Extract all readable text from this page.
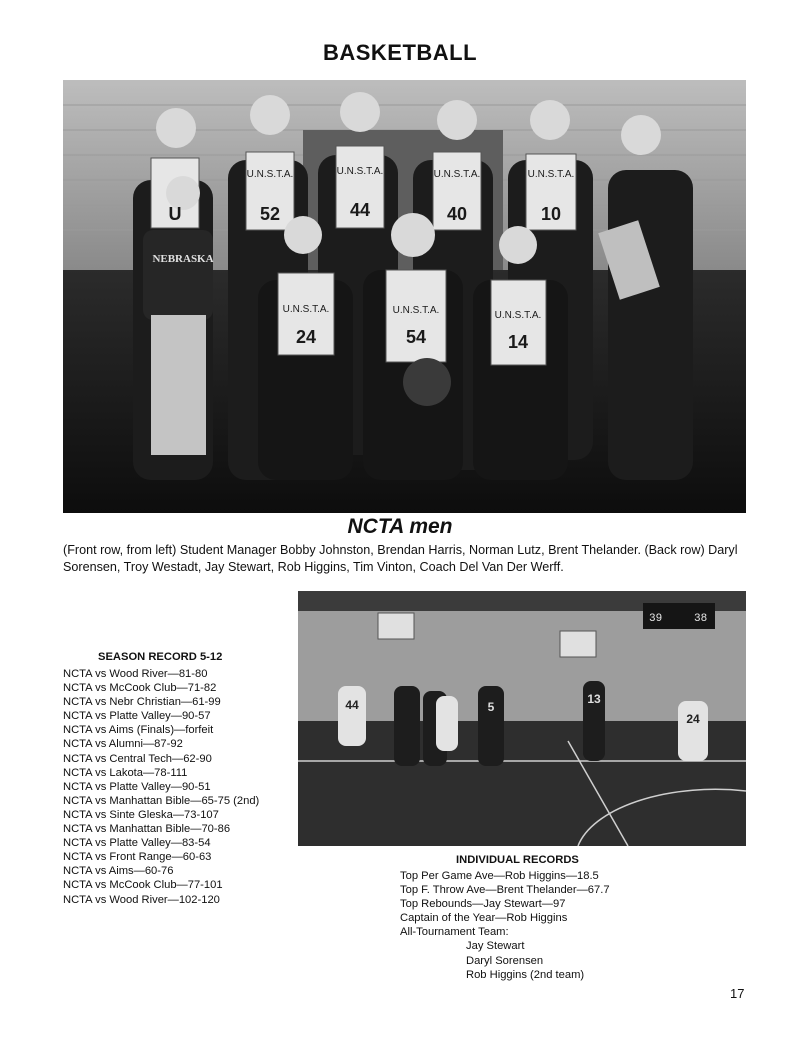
BASKETBALL
U	52	44	40	10
24	54	14
U.N.S.T.A.	U.N.S.T.A.	U.N.S.T.A.	U.N.S.T.A.
U.N.S.T.A.	U.N.S.T.A.	U.N.S.T.A.
NEBRASKA
NCTA men
(Front row, from left) Student Manager Bobby Johnston, Brendan Harris, Norman Lutz, Brent Thelander. (Back row) Daryl Sorensen, Troy Westadt, Jay Stewart, Rob Higgins, Tim Vinton, Coach Del Van Der Werff.
39	38
44	5
13
24
SEASON RECORD 5-12
NCTA vs Wood River—81-80
NCTA vs McCook Club—71-82
NCTA vs Nebr Christian—61-99
NCTA vs Platte Valley—90-57
NCTA vs Aims (Finals)—forfeit
NCTA vs Alumni—87-92
NCTA vs Central Tech—62-90
NCTA vs Lakota—78-111
NCTA vs Platte Valley—90-51
NCTA vs Manhattan Bible—65-75 (2nd)
NCTA vs Sinte Gleska—73-107
NCTA vs Manhattan Bible—70-86
NCTA vs Platte Valley—83-54
NCTA vs Front Range—60-63
NCTA vs Aims—60-76
NCTA vs McCook Club—77-101
NCTA vs Wood River—102-120
INDIVIDUAL RECORDS
Top Per Game Ave—Rob Higgins—18.5
Top F. Throw Ave—Brent Thelander—67.7
Top Rebounds—Jay Stewart—97
Captain of the Year—Rob Higgins
All-Tournament Team:
Jay Stewart
Daryl Sorensen
Rob Higgins (2nd team)
17
